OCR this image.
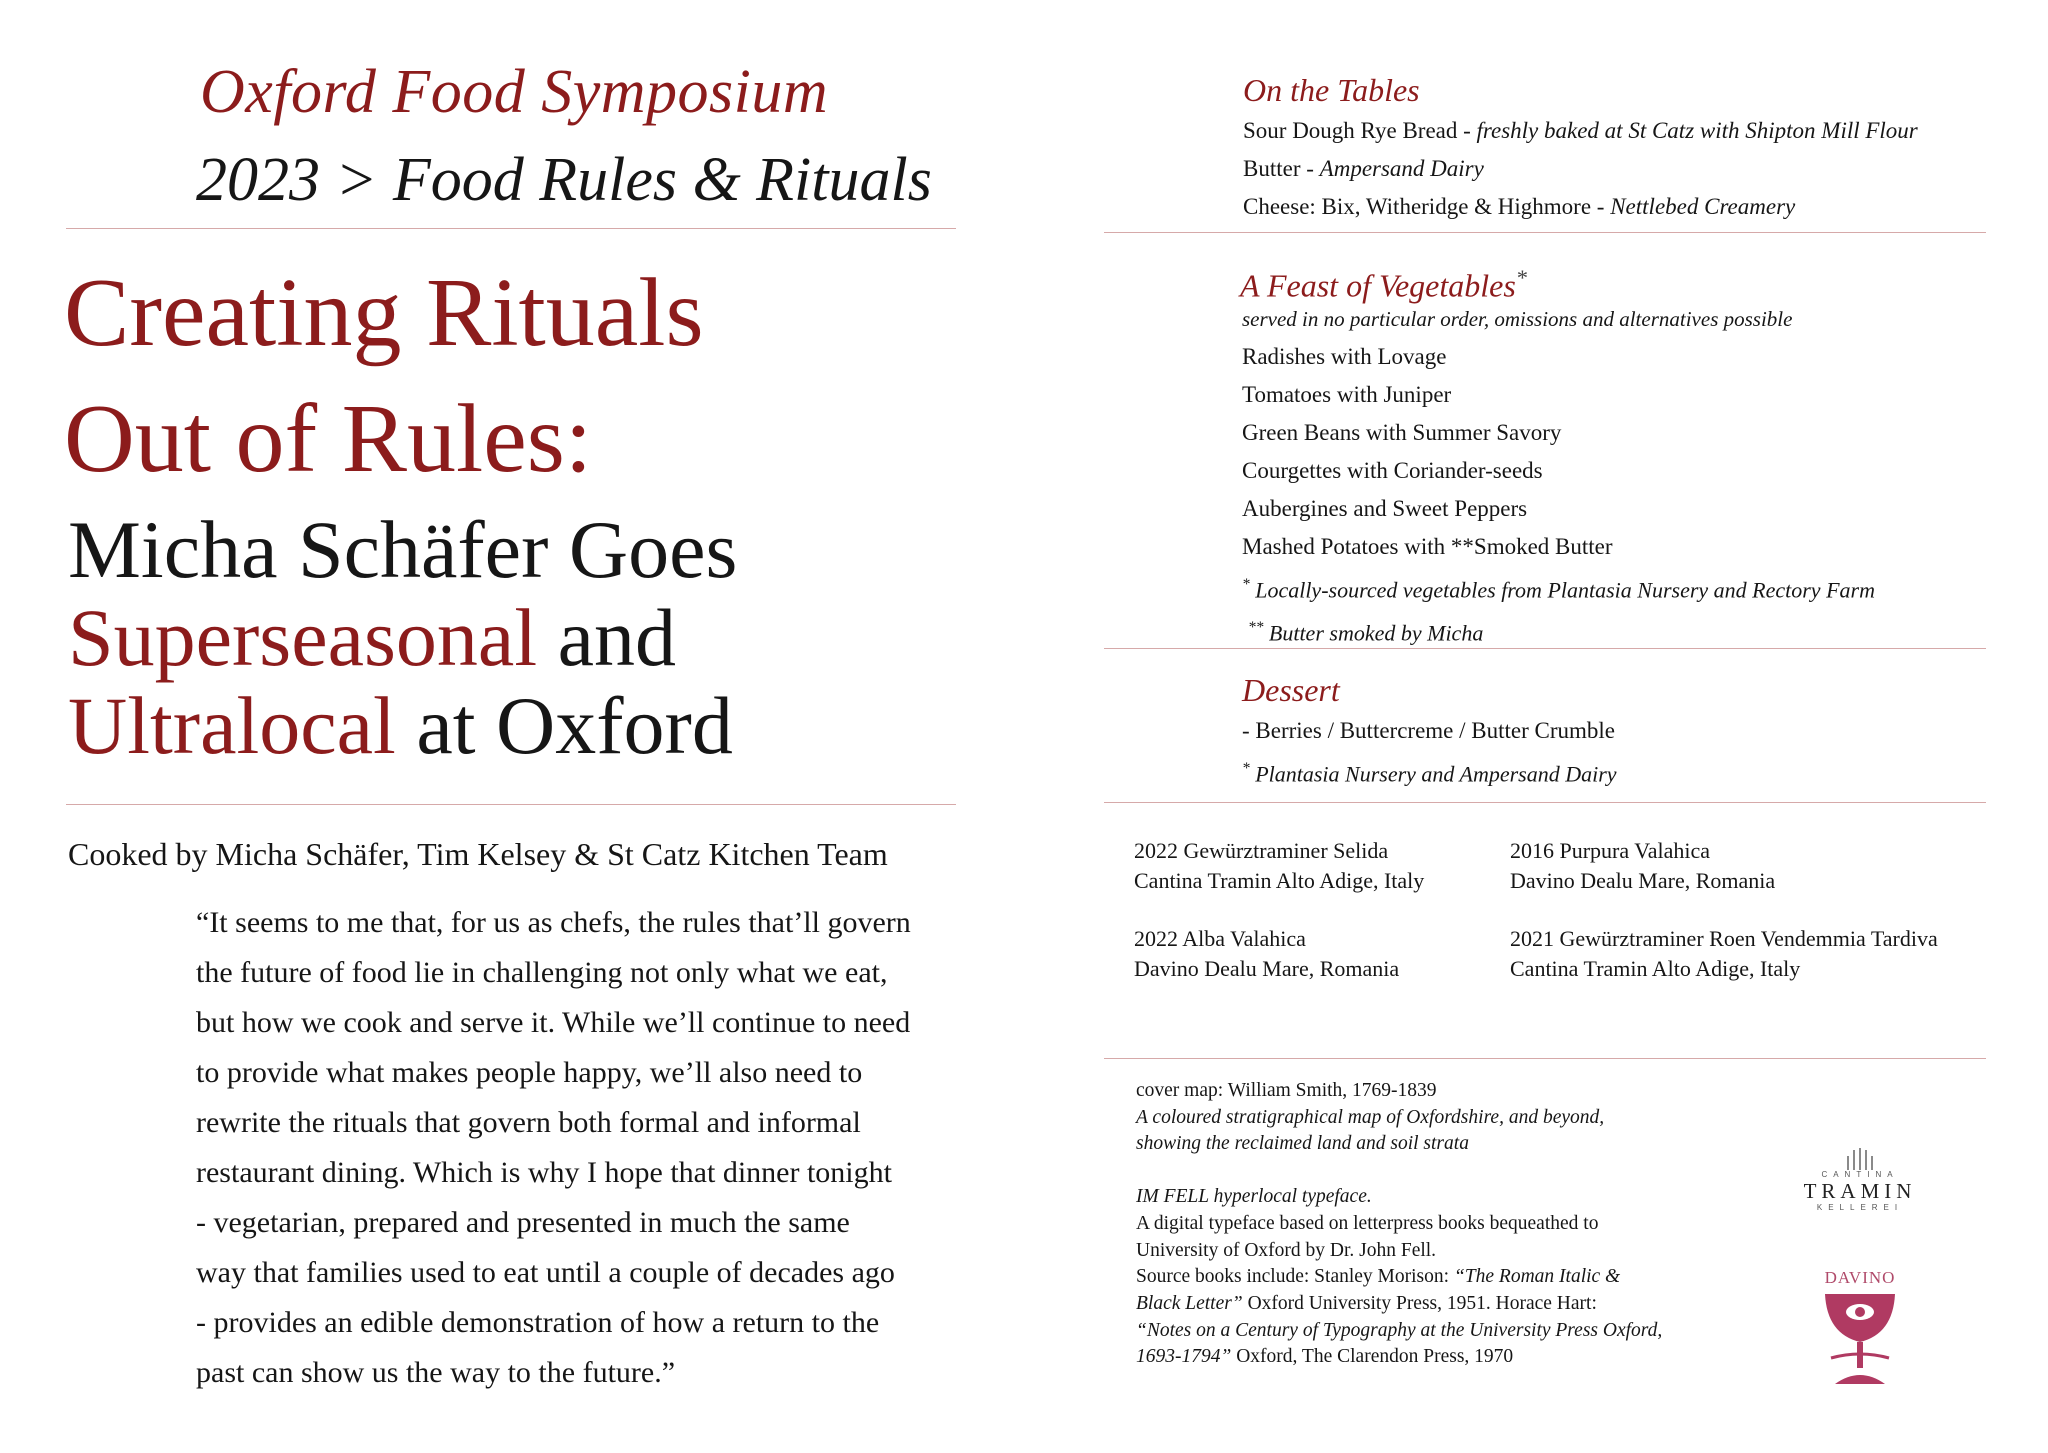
Oxford Food Symposium
2023 > Food Rules & Rituals
Creating Rituals
Out of Rules:
Micha Schäfer Goes
Superseasonal and
Ultralocal at Oxford
Cooked by Micha Schäfer, Tim Kelsey & St Catz Kitchen Team
“It seems to me that, for us as chefs, the rules that’ll govern
the future of food lie in challenging not only what we eat,
but how we cook and serve it. While we’ll continue to need
to provide what makes people happy, we’ll also need to
rewrite the rituals that govern both formal and informal
restaurant dining. Which is why I hope that dinner tonight
- vegetarian, prepared and presented in much the same
way that families used to eat until a couple of decades ago
- provides an edible demonstration of how a return to the
past can show us the way to the future.”
On the Tables
Sour Dough Rye Bread - freshly baked at St Catz with Shipton Mill Flour
Butter - Ampersand Dairy
Cheese: Bix, Witheridge & Highmore - Nettlebed Creamery
A Feast of Vegetables*
served in no particular order, omissions and alternatives possible
Radishes with Lovage
Tomatoes with Juniper
Green Beans with Summer Savory
Courgettes with Coriander-seeds
Aubergines and Sweet Peppers
Mashed Potatoes with **Smoked Butter
* Locally-sourced vegetables from Plantasia Nursery and Rectory Farm
** Butter smoked by Micha
Dessert
- Berries / Buttercreme / Butter Crumble
* Plantasia Nursery and Ampersand Dairy
2022 Gewürztraminer Selida
Cantina Tramin Alto Adige, Italy
2016 Purpura Valahica
Davino Dealu Mare, Romania
2022 Alba Valahica
Davino Dealu Mare, Romania
2021 Gewürztraminer Roen Vendemmia Tardiva
Cantina Tramin Alto Adige, Italy
cover map: William Smith, 1769-1839
A coloured stratigraphical map of Oxfordshire, and beyond,
showing the reclaimed land and soil strata
IM FELL hyperlocal typeface.
A digital typeface based on letterpress books bequeathed to
University of Oxford by Dr. John Fell.
Source books include: Stanley Morison: “The Roman Italic &
Black Letter” Oxford University Press, 1951. Horace Hart:
“Notes on a Century of Typography at the University Press Oxford,
1693-1794” Oxford, The Clarendon Press, 1970
CANTINA
TRAMIN
KELLEREI
DAVINO
